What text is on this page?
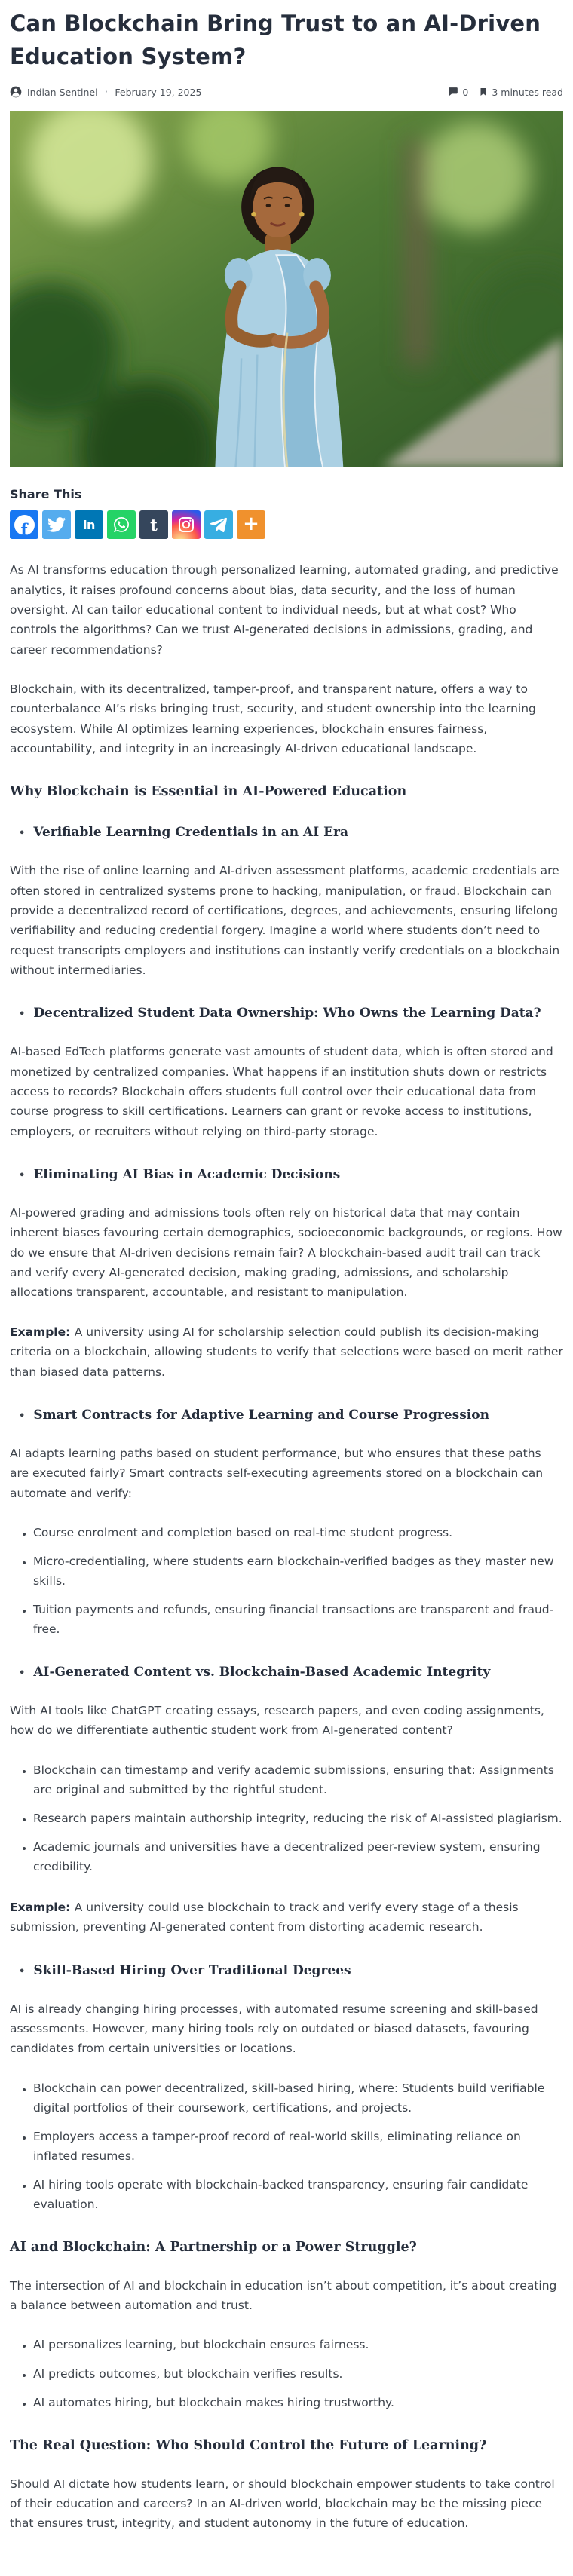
Can Blockchain Bring Trust to an AI-Driven Education System?
Indian Sentinel · February 19, 2025	0 3 minutes read
Share This
f	in	t	+

As AI transforms education through personalized learning, automated grading, and predictive analytics, it raises profound concerns about bias, data security, and the loss of human oversight. AI can tailor educational content to individual needs, but at what cost? Who controls the algorithms? Can we trust AI-generated decisions in admissions, grading, and career recommendations?

Blockchain, with its decentralized, tamper-proof, and transparent nature, offers a way to counterbalance AI’s risks bringing trust, security, and student ownership into the learning ecosystem. While AI optimizes learning experiences, blockchain ensures fairness, accountability, and integrity in an increasingly AI-driven educational landscape.

Why Blockchain is Essential in AI-Powered Education
• Verifiable Learning Credentials in an AI Era

With the rise of online learning and AI-driven assessment platforms, academic credentials are often stored in centralized systems prone to hacking, manipulation, or fraud. Blockchain can provide a decentralized record of certifications, degrees, and achievements, ensuring lifelong verifiability and reducing credential forgery. Imagine a world where students don’t need to request transcripts employers and institutions can instantly verify credentials on a blockchain without intermediaries.

• Decentralized Student Data Ownership: Who Owns the Learning Data?

AI-based EdTech platforms generate vast amounts of student data, which is often stored and monetized by centralized companies. What happens if an institution shuts down or restricts access to records? Blockchain offers students full control over their educational data from course progress to skill certifications. Learners can grant or revoke access to institutions, employers, or recruiters without relying on third-party storage.

• Eliminating AI Bias in Academic Decisions

AI-powered grading and admissions tools often rely on historical data that may contain inherent biases favouring certain demographics, socioeconomic backgrounds, or regions. How do we ensure that AI-driven decisions remain fair? A blockchain-based audit trail can track and verify every AI-generated decision, making grading, admissions, and scholarship allocations transparent, accountable, and resistant to manipulation.

Example: A university using AI for scholarship selection could publish its decision-making criteria on a blockchain, allowing students to verify that selections were based on merit rather than biased data patterns.

• Smart Contracts for Adaptive Learning and Course Progression

AI adapts learning paths based on student performance, but who ensures that these paths     are executed fairly? Smart contracts self-executing agreements stored on a blockchain can automate and verify:

• Course enrolment and completion based on real-time student progress.
• Micro-credentialing, where students earn blockchain-verified badges as they master new skills.
• Tuition payments and refunds, ensuring financial transactions are transparent and fraud-free.
• AI-Generated Content vs. Blockchain-Based Academic Integrity

With AI tools like ChatGPT creating essays, research papers, and even coding assignments, how do we differentiate authentic student work from AI-generated content?

• Blockchain can timestamp and verify academic submissions, ensuring that: Assignments are original and submitted by the rightful student.
• Research papers maintain authorship integrity, reducing the risk of AI-assisted plagiarism.
• Academic journals and universities have a decentralized peer-review system, ensuring credibility.

Example: A university could use blockchain to track and verify every stage of a thesis submission, preventing AI-generated content from distorting academic research.

• Skill-Based Hiring Over Traditional Degrees

AI is already changing hiring processes, with automated resume screening and skill-based assessments. However, many hiring tools rely on outdated or biased datasets, favouring candidates from certain universities or locations.

• Blockchain can power decentralized, skill-based hiring, where: Students build verifiable digital portfolios of their coursework, certifications, and projects.
• Employers access a tamper-proof record of real-world skills, eliminating reliance on inflated resumes.
• AI hiring tools operate with blockchain-backed transparency, ensuring fair candidate evaluation.
AI and Blockchain: A Partnership or a Power Struggle?

The intersection of AI and blockchain in education isn’t about competition, it’s about creating a balance between automation and trust.

• AI personalizes learning, but blockchain ensures fairness.
• AI predicts outcomes, but blockchain verifies results.
• AI automates hiring, but blockchain makes hiring trustworthy.
The Real Question: Who Should Control the Future of Learning?

Should AI dictate how students learn, or should blockchain empower students to take control of their education and careers? In an AI-driven world, blockchain may be the missing piece that ensures trust, integrity, and student autonomy in the future of education.
